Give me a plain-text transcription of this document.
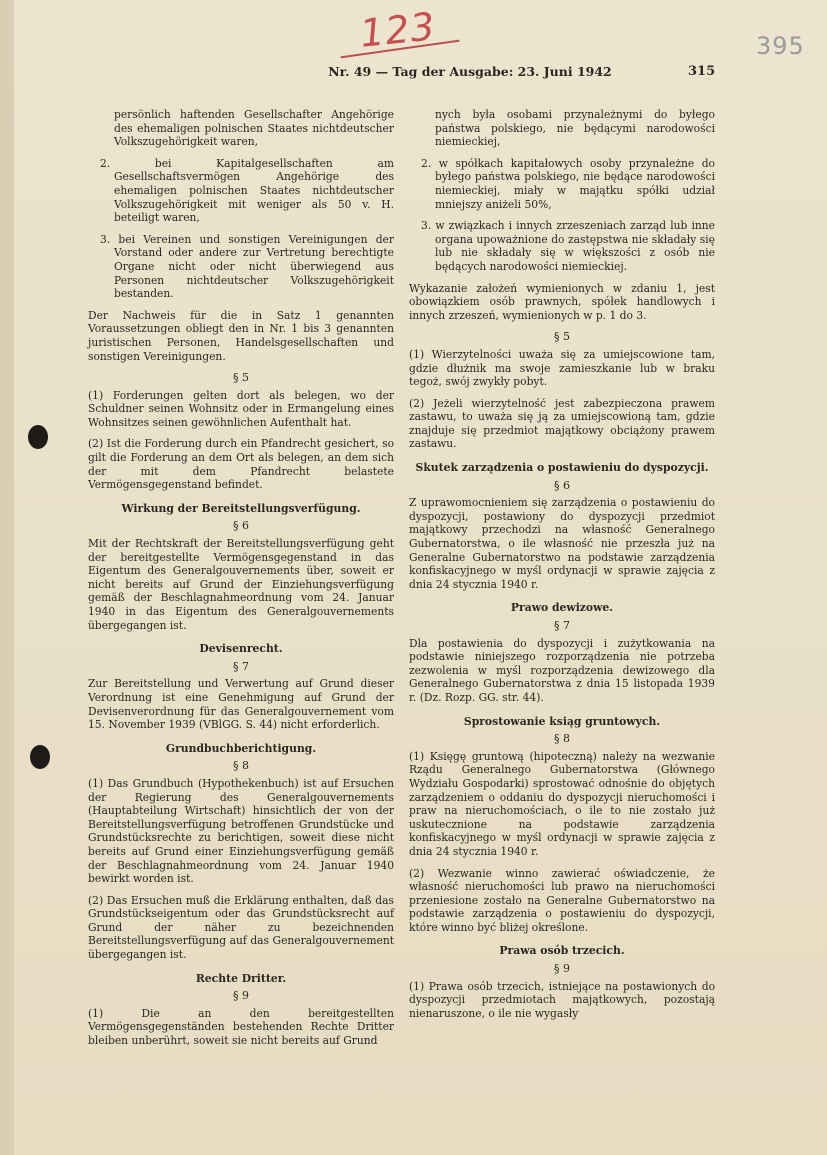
123	395
Nr. 49 — Tag der Ausgabe: 23. Juni 1942	315

persönlich haftenden Gesellschafter Angehörige des ehemaligen polnischen Staates nichtdeutscher Volkszugehörigkeit waren,

2. bei Kapitalgesellschaften am Gesellschaftsvermögen Angehörige des ehemaligen polnischen Staates nichtdeutscher Volkszugehörigkeit mit weniger als 50 v. H. beteiligt waren,

3. bei Vereinen und sonstigen Vereinigungen der Vorstand oder andere zur Vertretung berechtigte Organe nicht oder nicht überwiegend aus Personen nichtdeutscher Volkszugehörigkeit bestanden.

Der Nachweis für die in Satz 1 genannten Voraussetzungen obliegt den in Nr. 1 bis 3 genannten juristischen Personen, Handelsgesellschaften und sonstigen Vereinigungen.

§ 5

(1) Forderungen gelten dort als belegen, wo der Schuldner seinen Wohnsitz oder in Ermangelung eines Wohnsitzes seinen gewöhnlichen Aufenthalt hat.

(2) Ist die Forderung durch ein Pfandrecht gesichert, so gilt die Forderung an dem Ort als belegen, an dem sich der mit dem Pfandrecht belastete Vermögensgegenstand befindet.

Wirkung der Bereitstellungsverfügung.
§ 6

Mit der Rechtskraft der Bereitstellungsverfügung geht der bereitgestellte Vermögensgegenstand in das Eigentum des Generalgouvernements über, soweit er nicht bereits auf Grund der Einziehungsverfügung gemäß der Beschlagnahmeordnung vom 24. Januar 1940 in das Eigentum des Generalgouvernements übergegangen ist.

Devisenrecht.
§ 7

Zur Bereitstellung und Verwertung auf Grund dieser Verordnung ist eine Genehmigung auf Grund der Devisenverordnung für das Generalgouvernement vom 15. November 1939 (VBlGG. S. 44) nicht erforderlich.

Grundbuchberichtigung.
§ 8

(1) Das Grundbuch (Hypothekenbuch) ist auf Ersuchen der Regierung des Generalgouvernements (Hauptabteilung Wirtschaft) hinsichtlich der von der Bereitstellungsverfügung betroffenen Grundstücke und Grundstücksrechte zu berichtigen, soweit diese nicht bereits auf Grund einer Einziehungsverfügung gemäß der Beschlagnahmeordnung vom 24. Januar 1940 bewirkt worden ist.

(2) Das Ersuchen muß die Erklärung enthalten, daß das Grundstückseigentum oder das Grundstücksrecht auf Grund der näher zu bezeichnenden Bereitstellungsverfügung auf das Generalgouvernement übergegangen ist.

Rechte Dritter.
§ 9

(1) Die an den bereitgestellten Vermögensgegenständen bestehenden Rechte Dritter bleiben unberührt, soweit sie nicht bereits auf Grund

nych była osobami przynależnymi do byłego państwa polskiego, nie będącymi narodowości niemieckiej,

2. w spółkach kapitałowych osoby przynależne do byłego państwa polskiego, nie będące narodowości niemieckiej, miały w majątku spółki udział mniejszy aniżeli 50%,

3. w związkach i innych zrzeszeniach zarząd lub inne organa upoważnione do zastępstwa nie składały się lub nie składały się w większości z osób nie będących narodowości niemieckiej.

Wykazanie założeń wymienionych w zdaniu 1, jest obowiązkiem osób prawnych, spółek handlowych i innych zrzeszeń, wymienionych w p. 1 do 3.

§ 5

(1) Wierzytelności uważa się za umiejscowione tam, gdzie dłużnik ma swoje zamieszkanie lub w braku tegoż, swój zwykły pobyt.

(2) Jeżeli wierzytelność jest zabezpieczona prawem zastawu, to uważa się ją za umiejscowioną tam, gdzie znajduje się przedmiot majątkowy obciążony prawem zastawu.

Skutek zarządzenia o postawieniu do dyspozycji.
§ 6

Z uprawomocnieniem się zarządzenia o postawieniu do dyspozycji, postawiony do dyspozycji przedmiot majątkowy przechodzi na własność Generalnego Gubernatorstwa, o ile własność nie przeszła już na Generalne Gubernatorstwo na podstawie zarządzenia konfiskacyjnego w myśl ordynacji w sprawie zajęcia z dnia 24 stycznia 1940 r.

Prawo dewizowe.
§ 7

Dla postawienia do dyspozycji i zużytkowania na podstawie niniejszego rozporządzenia nie potrzeba zezwolenia w myśl rozporządzenia dewizowego dla Generalnego Gubernatorstwa z dnia 15 listopada 1939 r. (Dz. Rozp. GG. str. 44).

Sprostowanie ksiąg gruntowych.
§ 8

(1) Księgę gruntową (hipoteczną) należy na wezwanie Rządu Generalnego Gubernatorstwa (Głównego Wydziału Gospodarki) sprostować odnośnie do objętych zarządzeniem o oddaniu do dyspozycji nieruchomości i praw na nieruchomościach, o ile to nie zostało już uskutecznione na podstawie zarządzenia konfiskacyjnego w myśl ordynacji w sprawie zajęcia z dnia 24 stycznia 1940 r.

(2) Wezwanie winno zawierać oświadczenie, że własność nieruchomości lub prawo na nieruchomości przeniesione zostało na Generalne Gubernatorstwo na podstawie zarządzenia o postawieniu do dyspozycji, które winno być bliżej określone.

Prawa osób trzecich.
§ 9

(1) Prawa osób trzecich, istniejące na postawionych do dyspozycji przedmiotach majątkowych, pozostają nienaruszone, o ile nie wygasły
